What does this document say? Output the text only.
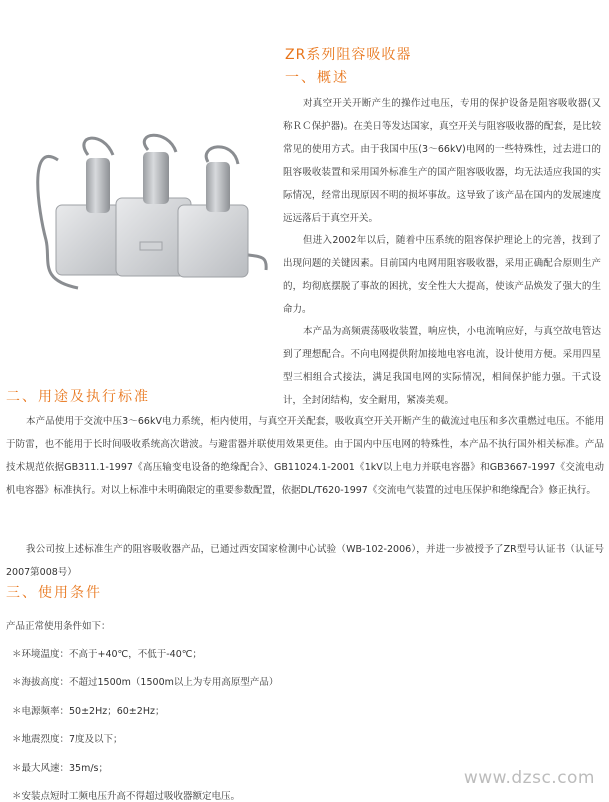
ZR系列阻容吸收器
一、概述
对真空开关开断产生的操作过电压，专用的保护设备是阻容吸收器(又称ＲＣ保护器)。在美日等发达国家，真空开关与阻容吸收器的配套，是比较常见的使用方式。由于我国中压(3～66kV)电网的一些特殊性，过去进口的阻容吸收装置和采用国外标准生产的国产阻容吸收器，均无法适应我国的实际情况，经常出现原因不明的损坏事故。这导致了该产品在国内的发展速度远远落后于真空开关。
但进入2002年以后，随着中压系统的阻容保护理论上的完善，找到了出现问题的关键因素。目前国内电网用阻容吸收器，采用正确配合原则生产的，均彻底摆脱了事故的困扰，安全性大大提高，使该产品焕发了强大的生命力。
本产品为高频震荡吸收装置，响应快，小电流响应好，与真空故电管达到了理想配合。不向电网提供附加接地电容电流，设计使用方便。采用四星型三相组合式接法，满足我国电网的实际情况，相间保护能力强。干式设计，全封闭结构，安全耐用，紧凑美观。
二、用途及执行标准
本产品使用于交流中压3～66kV电力系统，柜内使用，与真空开关配套，吸收真空开关开断产生的截流过电压和多次重燃过电压。不能用于防雷，也不能用于长时间吸收系统高次谐波。与避雷器并联使用效果更佳。由于国内中压电网的特殊性，本产品不执行国外相关标准。产品技术规范依据GB311.1-1997《高压输变电设备的绝缘配合》、GB11024.1-2001《1kV以上电力并联电容器》和GB3667-1997《交流电动机电容器》标准执行。对以上标准中未明确限定的重要参数配置，依据DL/T620-1997《交流电气装置的过电压保护和绝缘配合》修正执行。
我公司按上述标准生产的阻容吸收器产品，已通过西安国家检测中心试验（WB-102-2006），并进一步被授予了ZR型号认证书（认证号2007第008号）
三、使用条件
产品正常使用条件如下：
＊环境温度：不高于+40℃，不低于-40℃；
＊海拔高度：不超过1500m（1500m以上为专用高原型产品）
＊电源频率：50±2Hz；60±2Hz；
＊地震烈度：7度及以下；
＊最大风速：35m/s；
＊安装点短时工频电压升高不得超过吸收器额定电压。
www.dzsc.com
